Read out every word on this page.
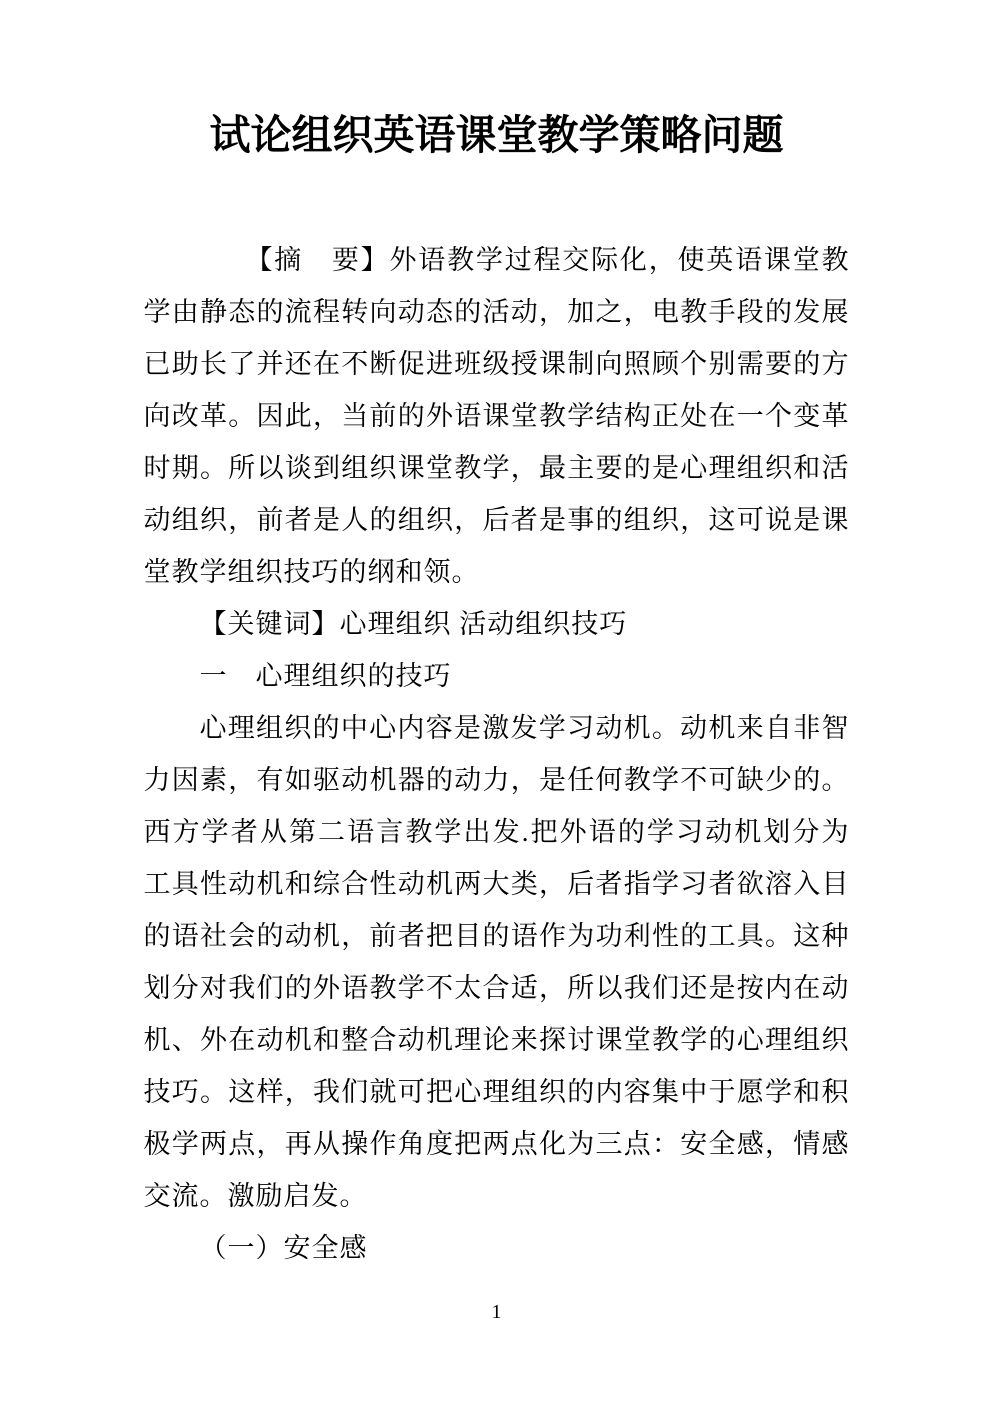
试论组织英语课堂教学策略问题

【摘　要】外语教学过程交际化，使英语课堂教学由静态的流程转向动态的活动，加之，电教手段的发展已助长了并还在不断促进班级授课制向照顾个别需要的方向改革。因此，当前的外语课堂教学结构正处在一个变革时期。所以谈到组织课堂教学，最主要的是心理组织和活动组织，前者是人的组织，后者是事的组织，这可说是课堂教学组织技巧的纲和领。

【关键词】心理组织 活动组织技巧

一　心理组织的技巧

心理组织的中心内容是激发学习动机。动机来自非智力因素，有如驱动机器的动力，是任何教学不可缺少的。西方学者从第二语言教学出发.把外语的学习动机划分为工具性动机和综合性动机两大类，后者指学习者欲溶入目的语社会的动机，前者把目的语作为功利性的工具。这种划分对我们的外语教学不太合适，所以我们还是按内在动机、外在动机和整合动机理论来探讨课堂教学的心理组织技巧。这样，我们就可把心理组织的内容集中于愿学和积极学两点，再从操作角度把两点化为三点：安全感，情感交流。激励启发。

（一）安全感

1
